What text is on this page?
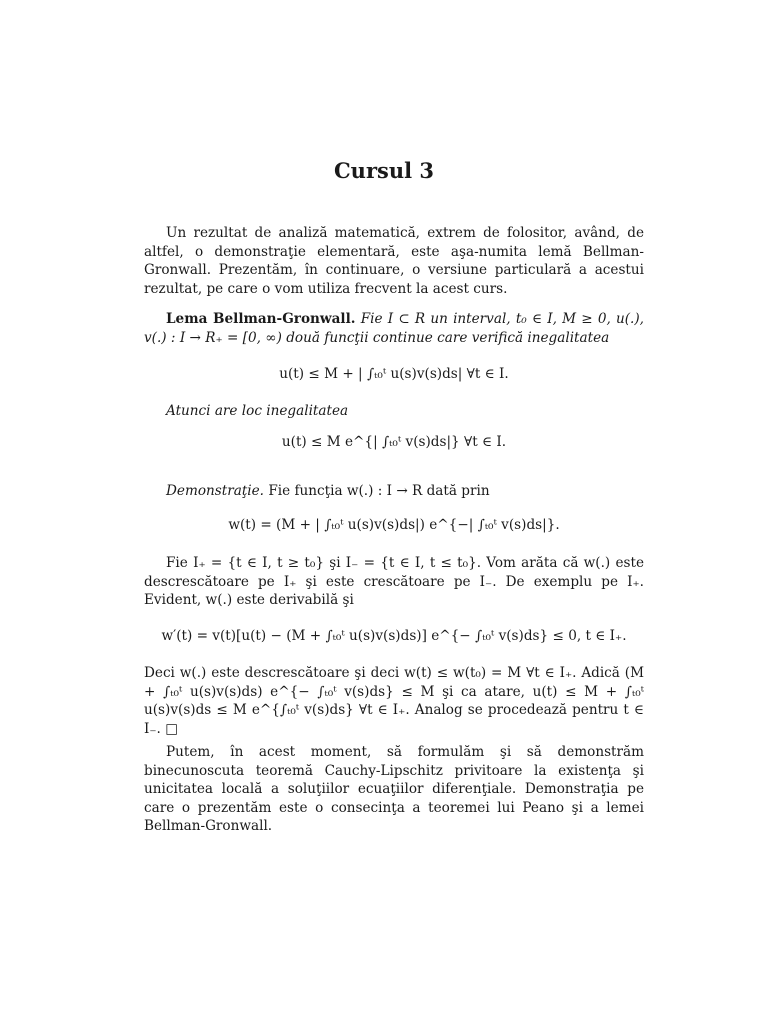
Cursul 3

Un rezultat de analiză matematică, extrem de folositor, având, de altfel, o demonstraţie elementară, este aşa-numita lemă Bellman-Gronwall. Prezentăm, în continuare, o versiune particulară a acestui rezultat, pe care o vom utiliza frecvent la acest curs.

Lema Bellman-Gronwall. Fie I ⊂ R un interval, t₀ ∈ I, M ≥ 0, u(.), v(.) : I → R₊ = [0, ∞) două funcţii continue care verifică inegalitatea

u(t) ≤ M + | ∫ₜ₀ᵗ u(s)v(s)ds| ∀t ∈ I.

Atunci are loc inegalitatea

u(t) ≤ M e^{| ∫ₜ₀ᵗ v(s)ds|} ∀t ∈ I.

Demonstraţie. Fie funcţia w(.) : I → R dată prin

w(t) = (M + | ∫ₜ₀ᵗ u(s)v(s)ds|) e^{−| ∫ₜ₀ᵗ v(s)ds|}.

Fie I₊ = {t ∈ I, t ≥ t₀} şi I₋ = {t ∈ I, t ≤ t₀}. Vom arăta că w(.) este descrescătoare pe I₊ şi este crescătoare pe I₋. De exemplu pe I₊. Evident, w(.) este derivabilă şi

w′(t) = v(t)[u(t) − (M + ∫ₜ₀ᵗ u(s)v(s)ds)] e^{− ∫ₜ₀ᵗ v(s)ds} ≤ 0, t ∈ I₊.

Deci w(.) este descrescătoare şi deci w(t) ≤ w(t₀) = M ∀t ∈ I₊. Adică (M + ∫ₜ₀ᵗ u(s)v(s)ds) e^{− ∫ₜ₀ᵗ v(s)ds} ≤ M şi ca atare, u(t) ≤ M + ∫ₜ₀ᵗ u(s)v(s)ds ≤ M e^{∫ₜ₀ᵗ v(s)ds} ∀t ∈ I₊. Analog se procedează pentru t ∈ I₋. □

Putem, în acest moment, să formulăm şi să demonstrăm binecunoscuta teoremă Cauchy-Lipschitz privitoare la existenţa şi unicitatea locală a soluţiilor ecuaţiilor diferenţiale. Demonstraţia pe care o prezentăm este o consecinţa a teoremei lui Peano şi a lemei Bellman-Gronwall.
